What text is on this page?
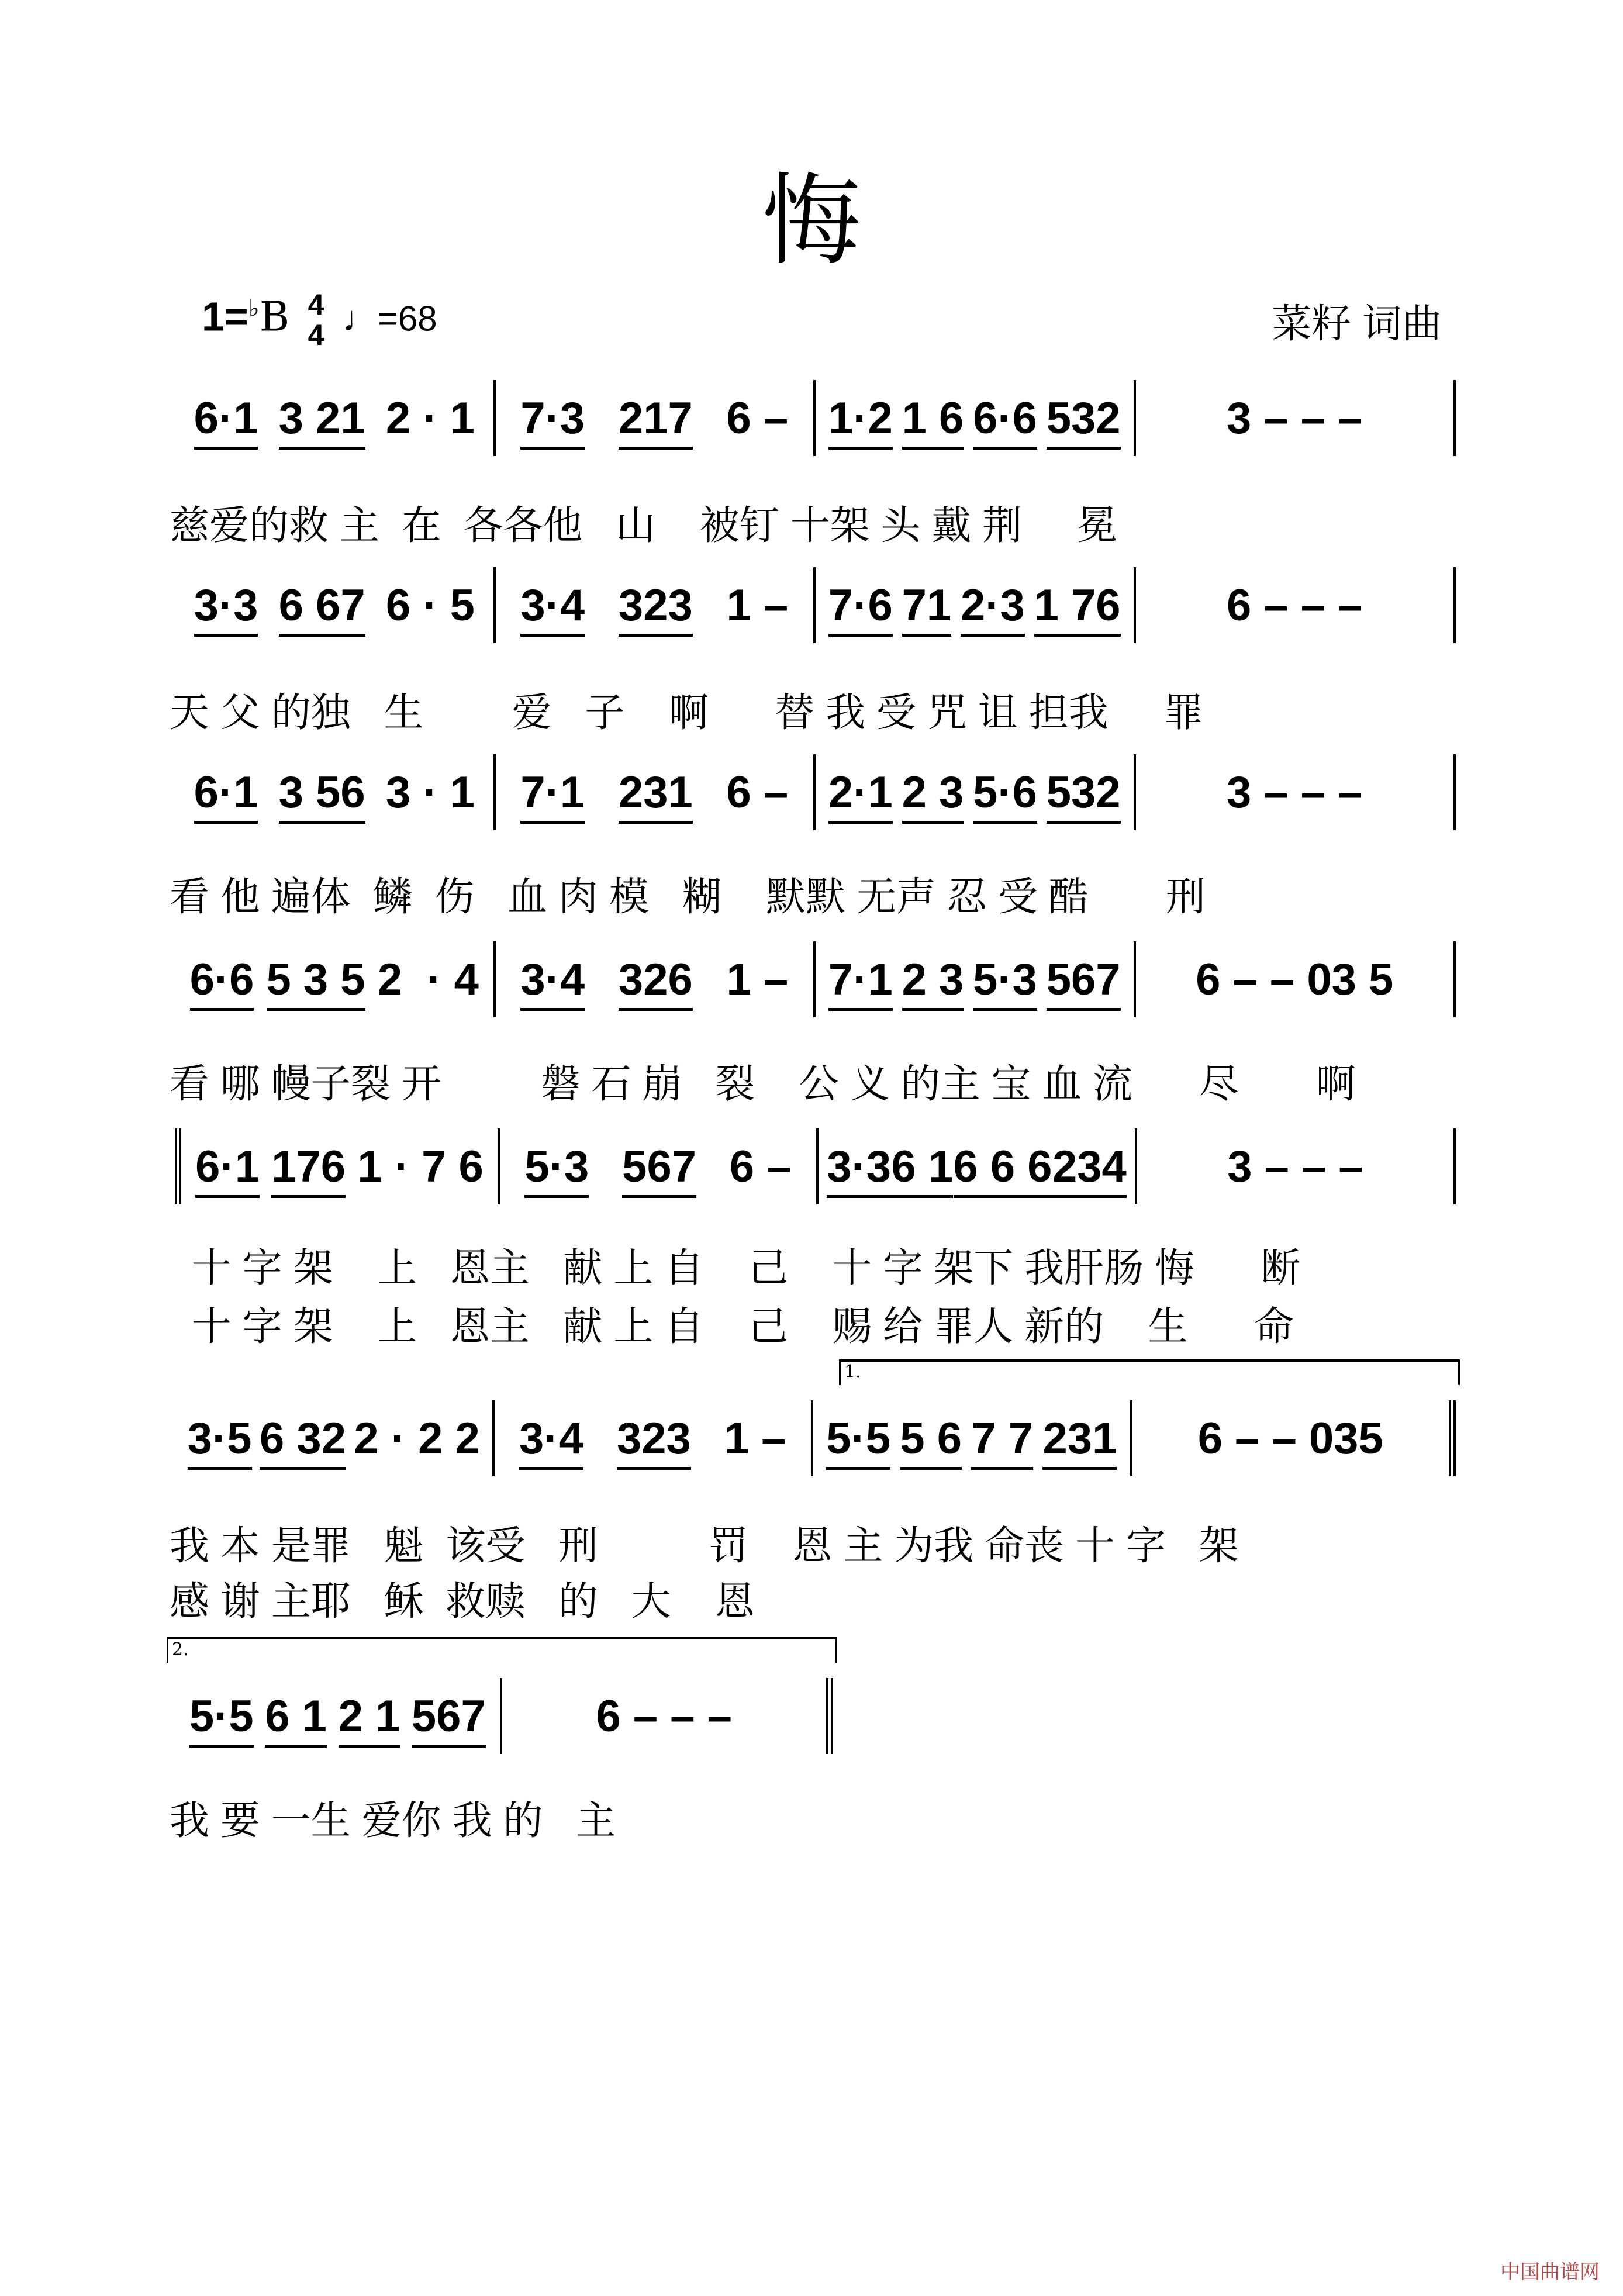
悔
1=♭B 4
4 ♩=68	菜籽 词曲
6·1 3 21 2 · 1 7·3 217 6 – 1·2 1 6 6·6 532 3 – – –
慈爱的救 主  在  各各他   山    被钉 十架 头 戴 荆     冕
3·3 6 67 6 · 5 3·4 323 1 – 7·6 71 2·3 1 76 6 – – –
天 父 的独   生        爱   子    啊      替 我 受 咒 诅 担我     罪
6·1 3 56 3 · 1 7·1 231 6 – 2·1 2 3 5·6 532 3 – – –
看 他 遍体  鳞  伤   血 肉 模   糊    默默 无声 忍 受 酷       刑
6·6 5 3 5 2  · 4 3·4 326 1 – 7·1 2 3 5·3 567 6 – – 03 5
看 哪 幔子裂 开         磐 石 崩   裂    公 义 的主 宝 血 流      尽       啊
6·1 176 1 · 7 6 5·3 567 6 – 3·3 6 1 6 6 6 234 3 – – –
十 字 架    上   恩主   献 上 自    己    十 字 架下 我肝肠 悔      断
十 字 架    上   恩主   献 上 自    己    赐 给 罪人 新的    生      命
3·5 6 32 2 · 2 2 3·4 323 1 – 5·5 5 6 7 7 231 6 – – 035
1.
我 本 是罪   魁  该受   刑          罚    恩 主 为我 命丧 十 字   架
感 谢 主耶   稣  救赎   的   大    恩
5·5 6 1 2 1 567 6 – – –
2.
我 要 一生 爱你 我 的   主
中国曲谱网
